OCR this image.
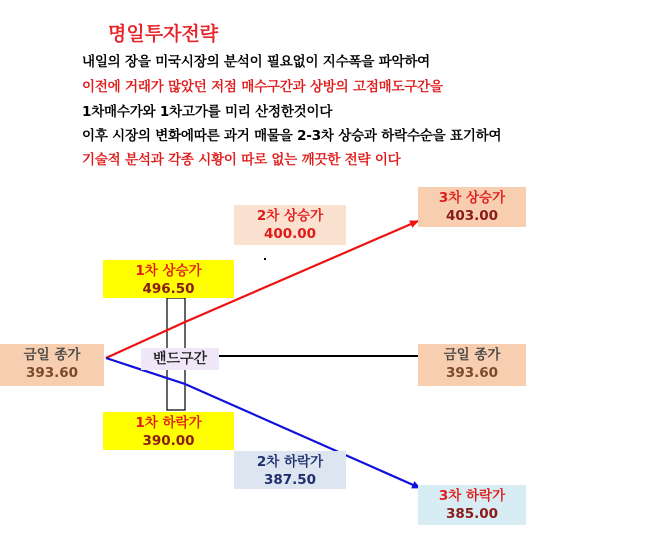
명일투자전략
내일의 장을 미국시장의 분석이 필요없이 지수폭을 파악하여
이전에 거래가 많았던 저점 매수구간과 상방의 고점매도구간을
1차매수가와 1차고가를 미리 산정한것이다
이후 시장의 변화에따른 과거 매물을 2-3차 상승과 하락수순을 표기하여
기술적 분석과 각종 시황이 따로 없는 깨끗한 전략 이다
금일 종가
393.60
1차 상승가
496.50
2차 상승가
400.00
3차 상승가
403.00
밴드구간	금일 종가
393.60
1차 하락가
390.00
2차 하락가
387.50
3차 하락가
385.00
